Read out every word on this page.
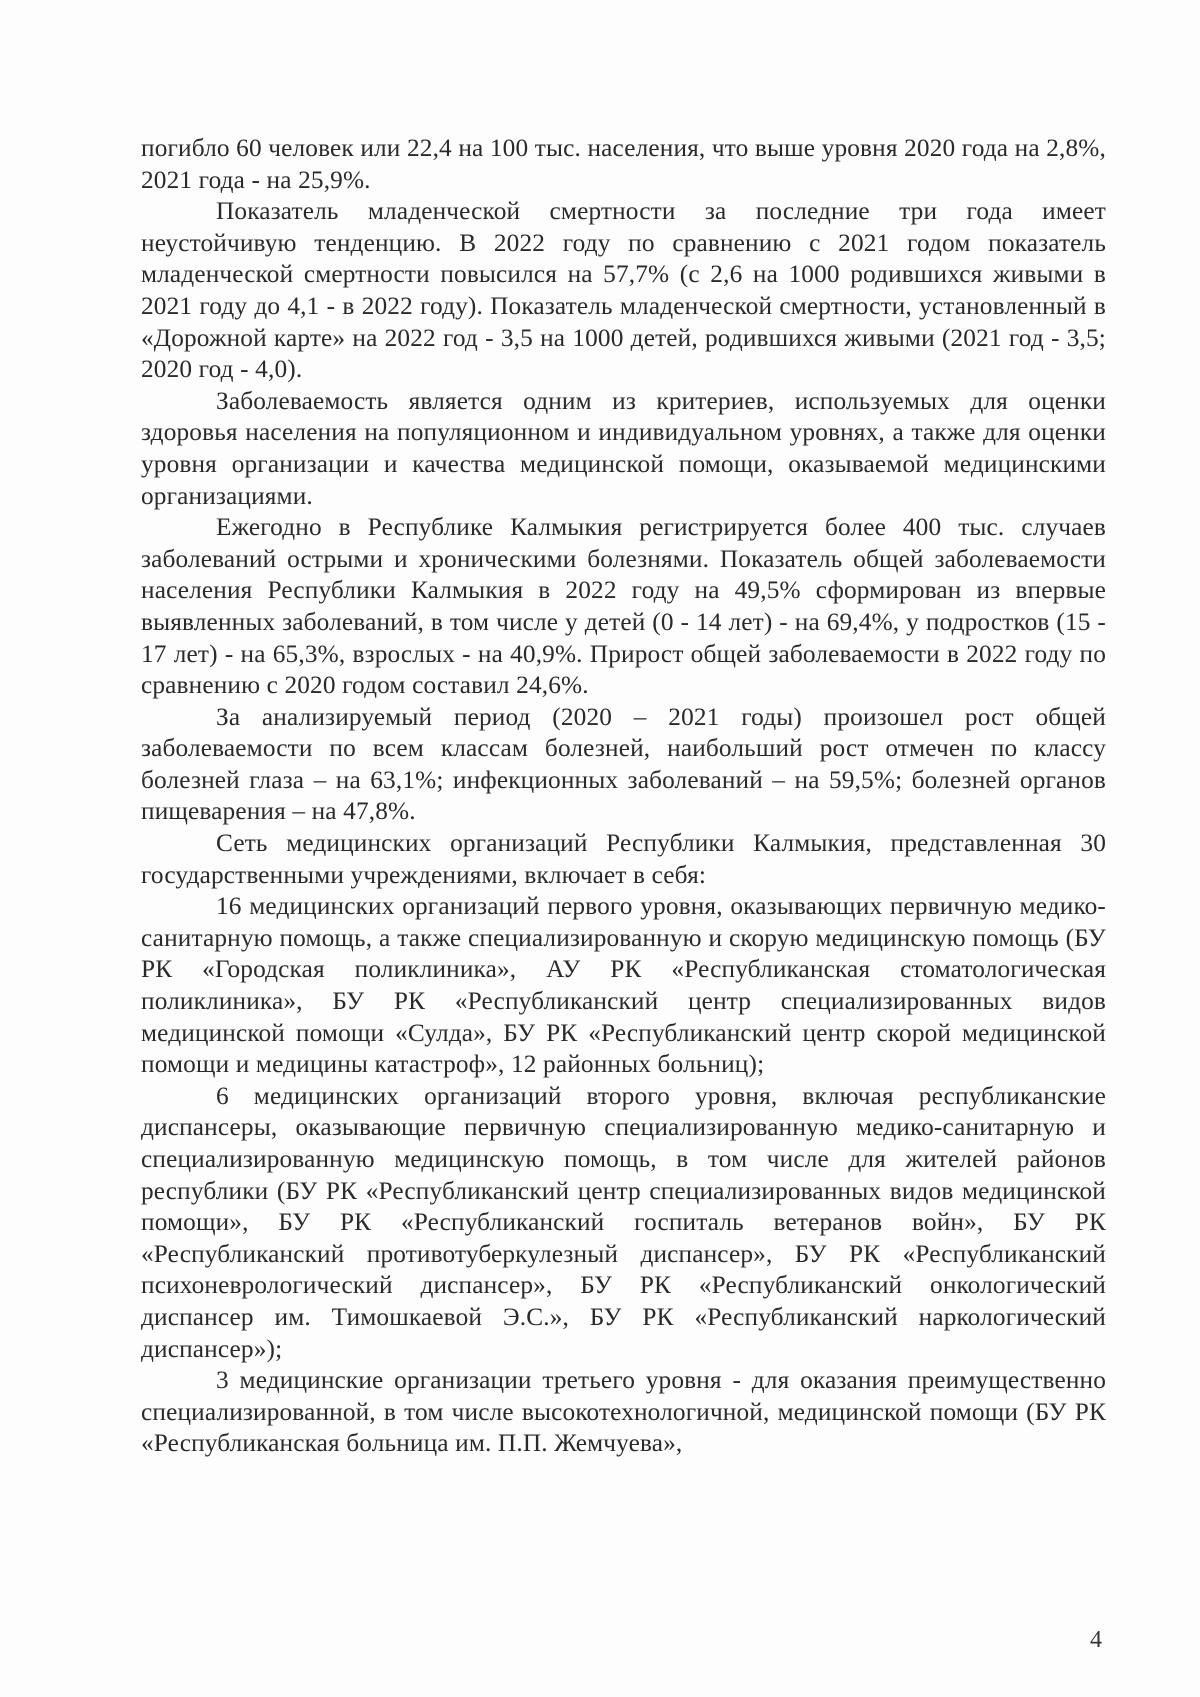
погибло 60 человек или 22,4 на 100 тыс. населения, что выше уровня 2020 года на 2,8%, 2021 года - на 25,9%.

Показатель младенческой смертности за последние три года имеет неустойчивую тенденцию. В 2022 году по сравнению с 2021 годом показатель младенческой смертности повысился на 57,7% (с 2,6 на 1000 родившихся живыми в 2021 году до 4,1 - в 2022 году). Показатель младенческой смертности, установленный в «Дорожной карте» на 2022 год - 3,5 на 1000 детей, родившихся живыми (2021 год - 3,5; 2020 год - 4,0).

Заболеваемость является одним из критериев, используемых для оценки здоровья населения на популяционном и индивидуальном уровнях, а также для оценки уровня организации и качества медицинской помощи, оказываемой медицинскими организациями.

Ежегодно в Республике Калмыкия регистрируется более 400 тыс. случаев заболеваний острыми и хроническими болезнями. Показатель общей заболеваемости населения Республики Калмыкия в 2022 году на 49,5% сформирован из впервые выявленных заболеваний, в том числе у детей (0 - 14 лет) - на 69,4%, у подростков (15 - 17 лет) - на 65,3%, взрослых - на 40,9%. Прирост общей заболеваемости в 2022 году по сравнению с 2020 годом составил 24,6%.

За анализируемый период (2020 – 2021 годы) произошел рост общей заболеваемости по всем классам болезней, наибольший рост отмечен по классу болезней глаза – на 63,1%; инфекционных заболеваний – на 59,5%; болезней органов пищеварения – на 47,8%.

Сеть медицинских организаций Республики Калмыкия, представленная 30 государственными учреждениями, включает в себя:

16 медицинских организаций первого уровня, оказывающих первичную медико-санитарную помощь, а также специализированную и скорую медицинскую помощь (БУ РК «Городская поликлиника», АУ РК «Республиканская стоматологическая поликлиника», БУ РК «Республиканский центр специализированных видов медицинской помощи «Сулда», БУ РК «Республиканский центр скорой медицинской помощи и медицины катастроф», 12 районных больниц);

6 медицинских организаций второго уровня, включая республиканские диспансеры, оказывающие первичную специализированную медико-санитарную и специализированную медицинскую помощь, в том числе для жителей районов республики (БУ РК «Республиканский центр специализированных видов медицинской помощи», БУ РК «Республиканский госпиталь ветеранов войн», БУ РК «Республиканский противотуберкулезный диспансер», БУ РК «Республиканский психоневрологический диспансер», БУ РК «Республиканский онкологический диспансер им. Тимошкаевой Э.С.», БУ РК «Республиканский наркологический диспансер»);

3 медицинские организации третьего уровня - для оказания преимущественно специализированной, в том числе высокотехнологичной, медицинской помощи (БУ РК «Республиканская больница им. П.П. Жемчуева»,

4
